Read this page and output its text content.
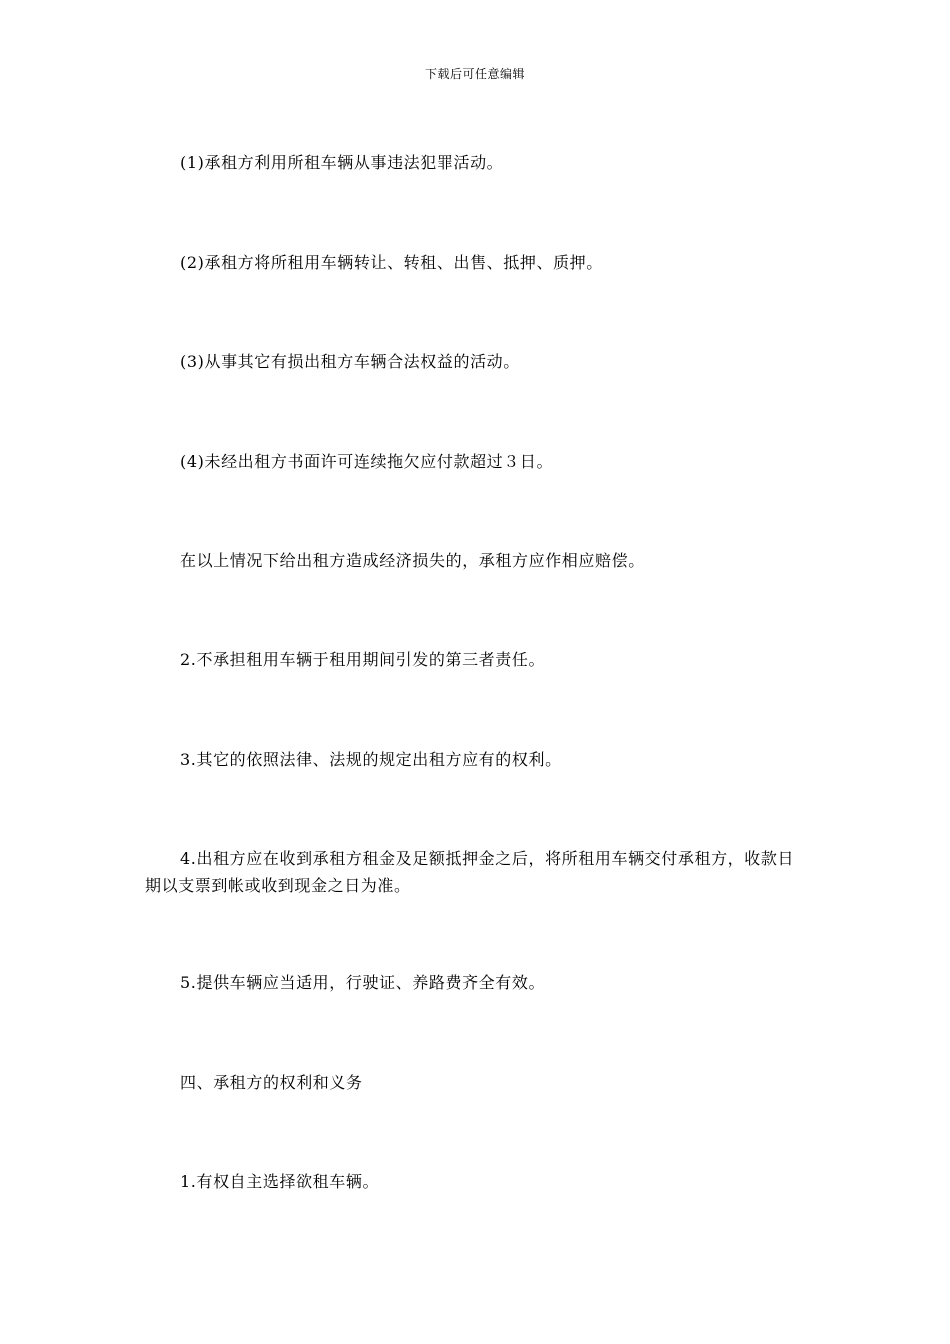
下载后可任意编辑
(1)承租方利用所租车辆从事违法犯罪活动。
(2)承租方将所租用车辆转让、转租、出售、抵押、质押。
(3)从事其它有损出租方车辆合法权益的活动。
(4)未经出租方书面许可连续拖欠应付款超过３日。
在以上情况下给出租方造成经济损失的，承租方应作相应赔偿。
2.不承担租用车辆于租用期间引发的第三者责任。
3.其它的依照法律、法规的规定出租方应有的权利。
4.出租方应在收到承租方租金及足额抵押金之后，将所租用车辆交付承租方，收款日期以支票到帐或收到现金之日为准。
5.提供车辆应当适用，行驶证、养路费齐全有效。
四、承租方的权利和义务
1.有权自主选择欲租车辆。
